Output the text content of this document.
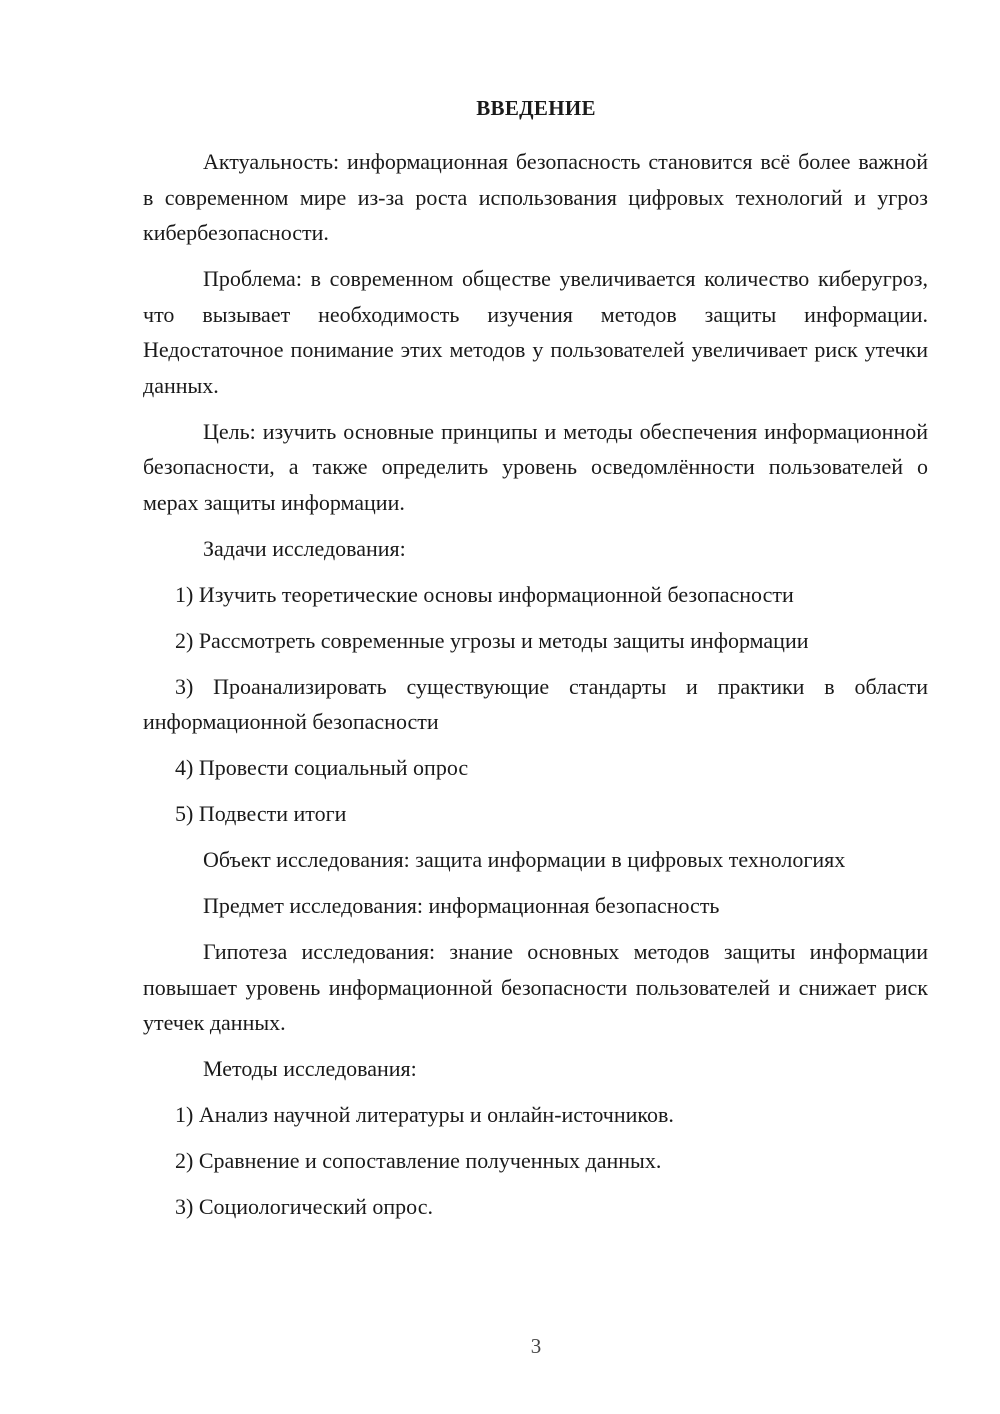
ВВЕДЕНИЕ

Актуальность: информационная безопасность становится всё более важной в современном мире из-за роста использования цифровых технологий и угроз кибербезопасности.

Проблема: в современном обществе увеличивается количество киберугроз, что вызывает необходимость изучения методов защиты информации. Недостаточное понимание этих методов у пользователей увеличивает риск утечки данных.

Цель: изучить основные принципы и методы обеспечения информационной безопасности, а также определить уровень осведомлённости пользователей о мерах защиты информации.

Задачи исследования:

1) Изучить теоретические основы информационной безопасности

2) Рассмотреть современные угрозы и методы защиты информации

3) Проанализировать существующие стандарты и практики в области информационной безопасности

4) Провести социальный опрос

5) Подвести итоги

Объект исследования: защита информации в цифровых технологиях

Предмет исследования: информационная безопасность

Гипотеза исследования: знание основных методов защиты информации повышает уровень информационной безопасности пользователей и снижает риск утечек данных.

Методы исследования:

1) Анализ научной литературы и онлайн-источников.

2) Сравнение и сопоставление полученных данных.

3) Социологический опрос.

3
